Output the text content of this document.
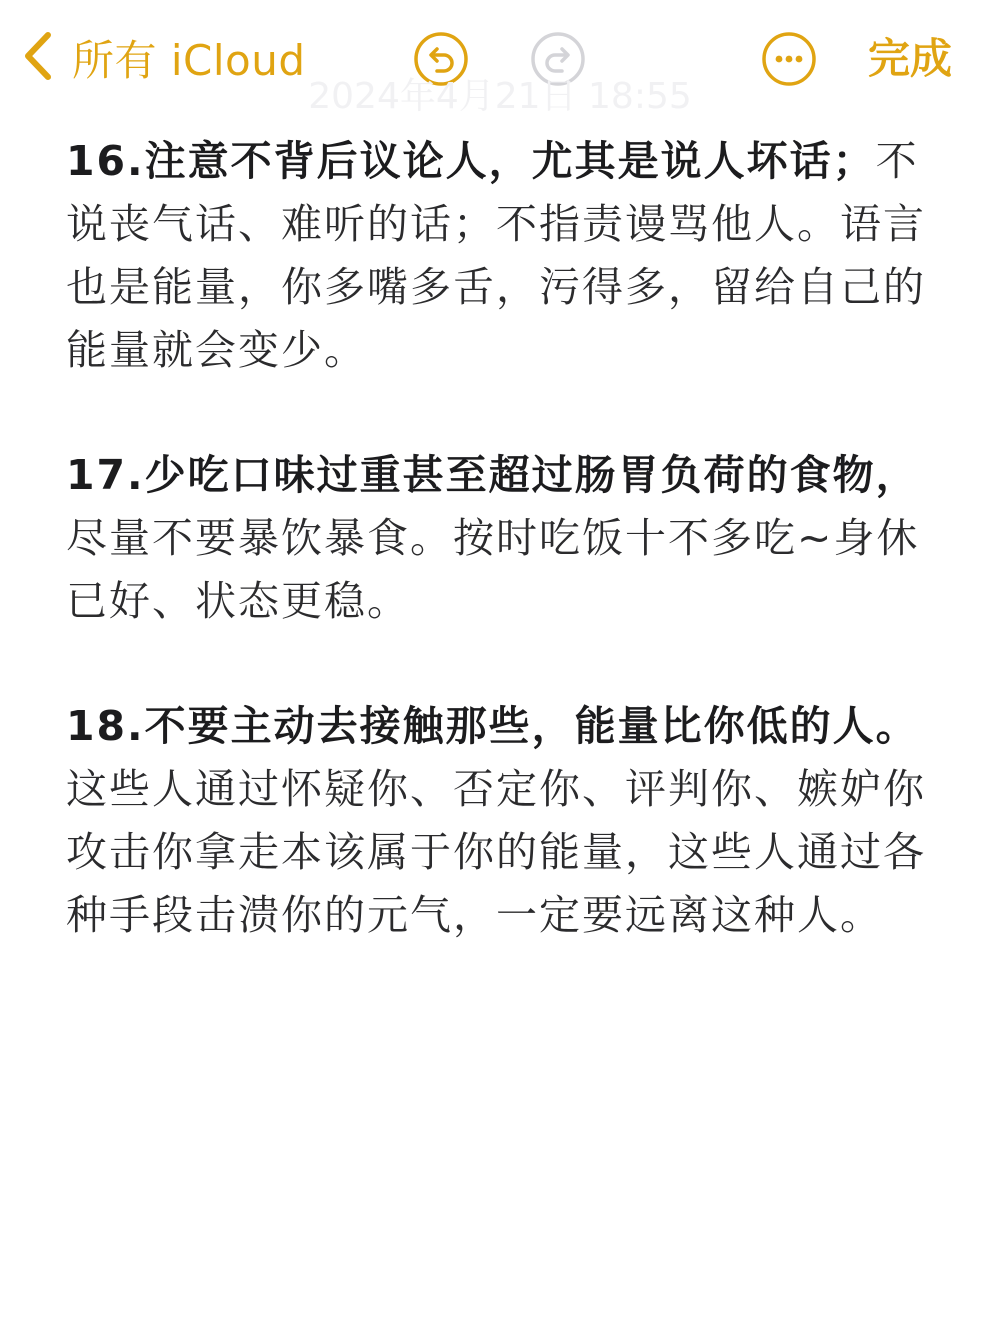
所有 iCloud	完成
2024年4月21日 18:55

16.注意不背后议论人，尤其是说人坏话；不说丧气话、难听的话；不指责谩骂他人。语言也是能量，你多嘴多舌，污得多，留给自己的能量就会变少。

17.少吃口味过重甚至超过肠胃负荷的食物，尽量不要暴饮暴食。按时吃饭十不多吃~身休已好、状态更稳。

18.不要主动去接触那些，能量比你低的人。这些人通过怀疑你、否定你、评判你、嫉妒你攻击你拿走本该属于你的能量，这些人通过各种手段击溃你的元气，一定要远离这种人。
